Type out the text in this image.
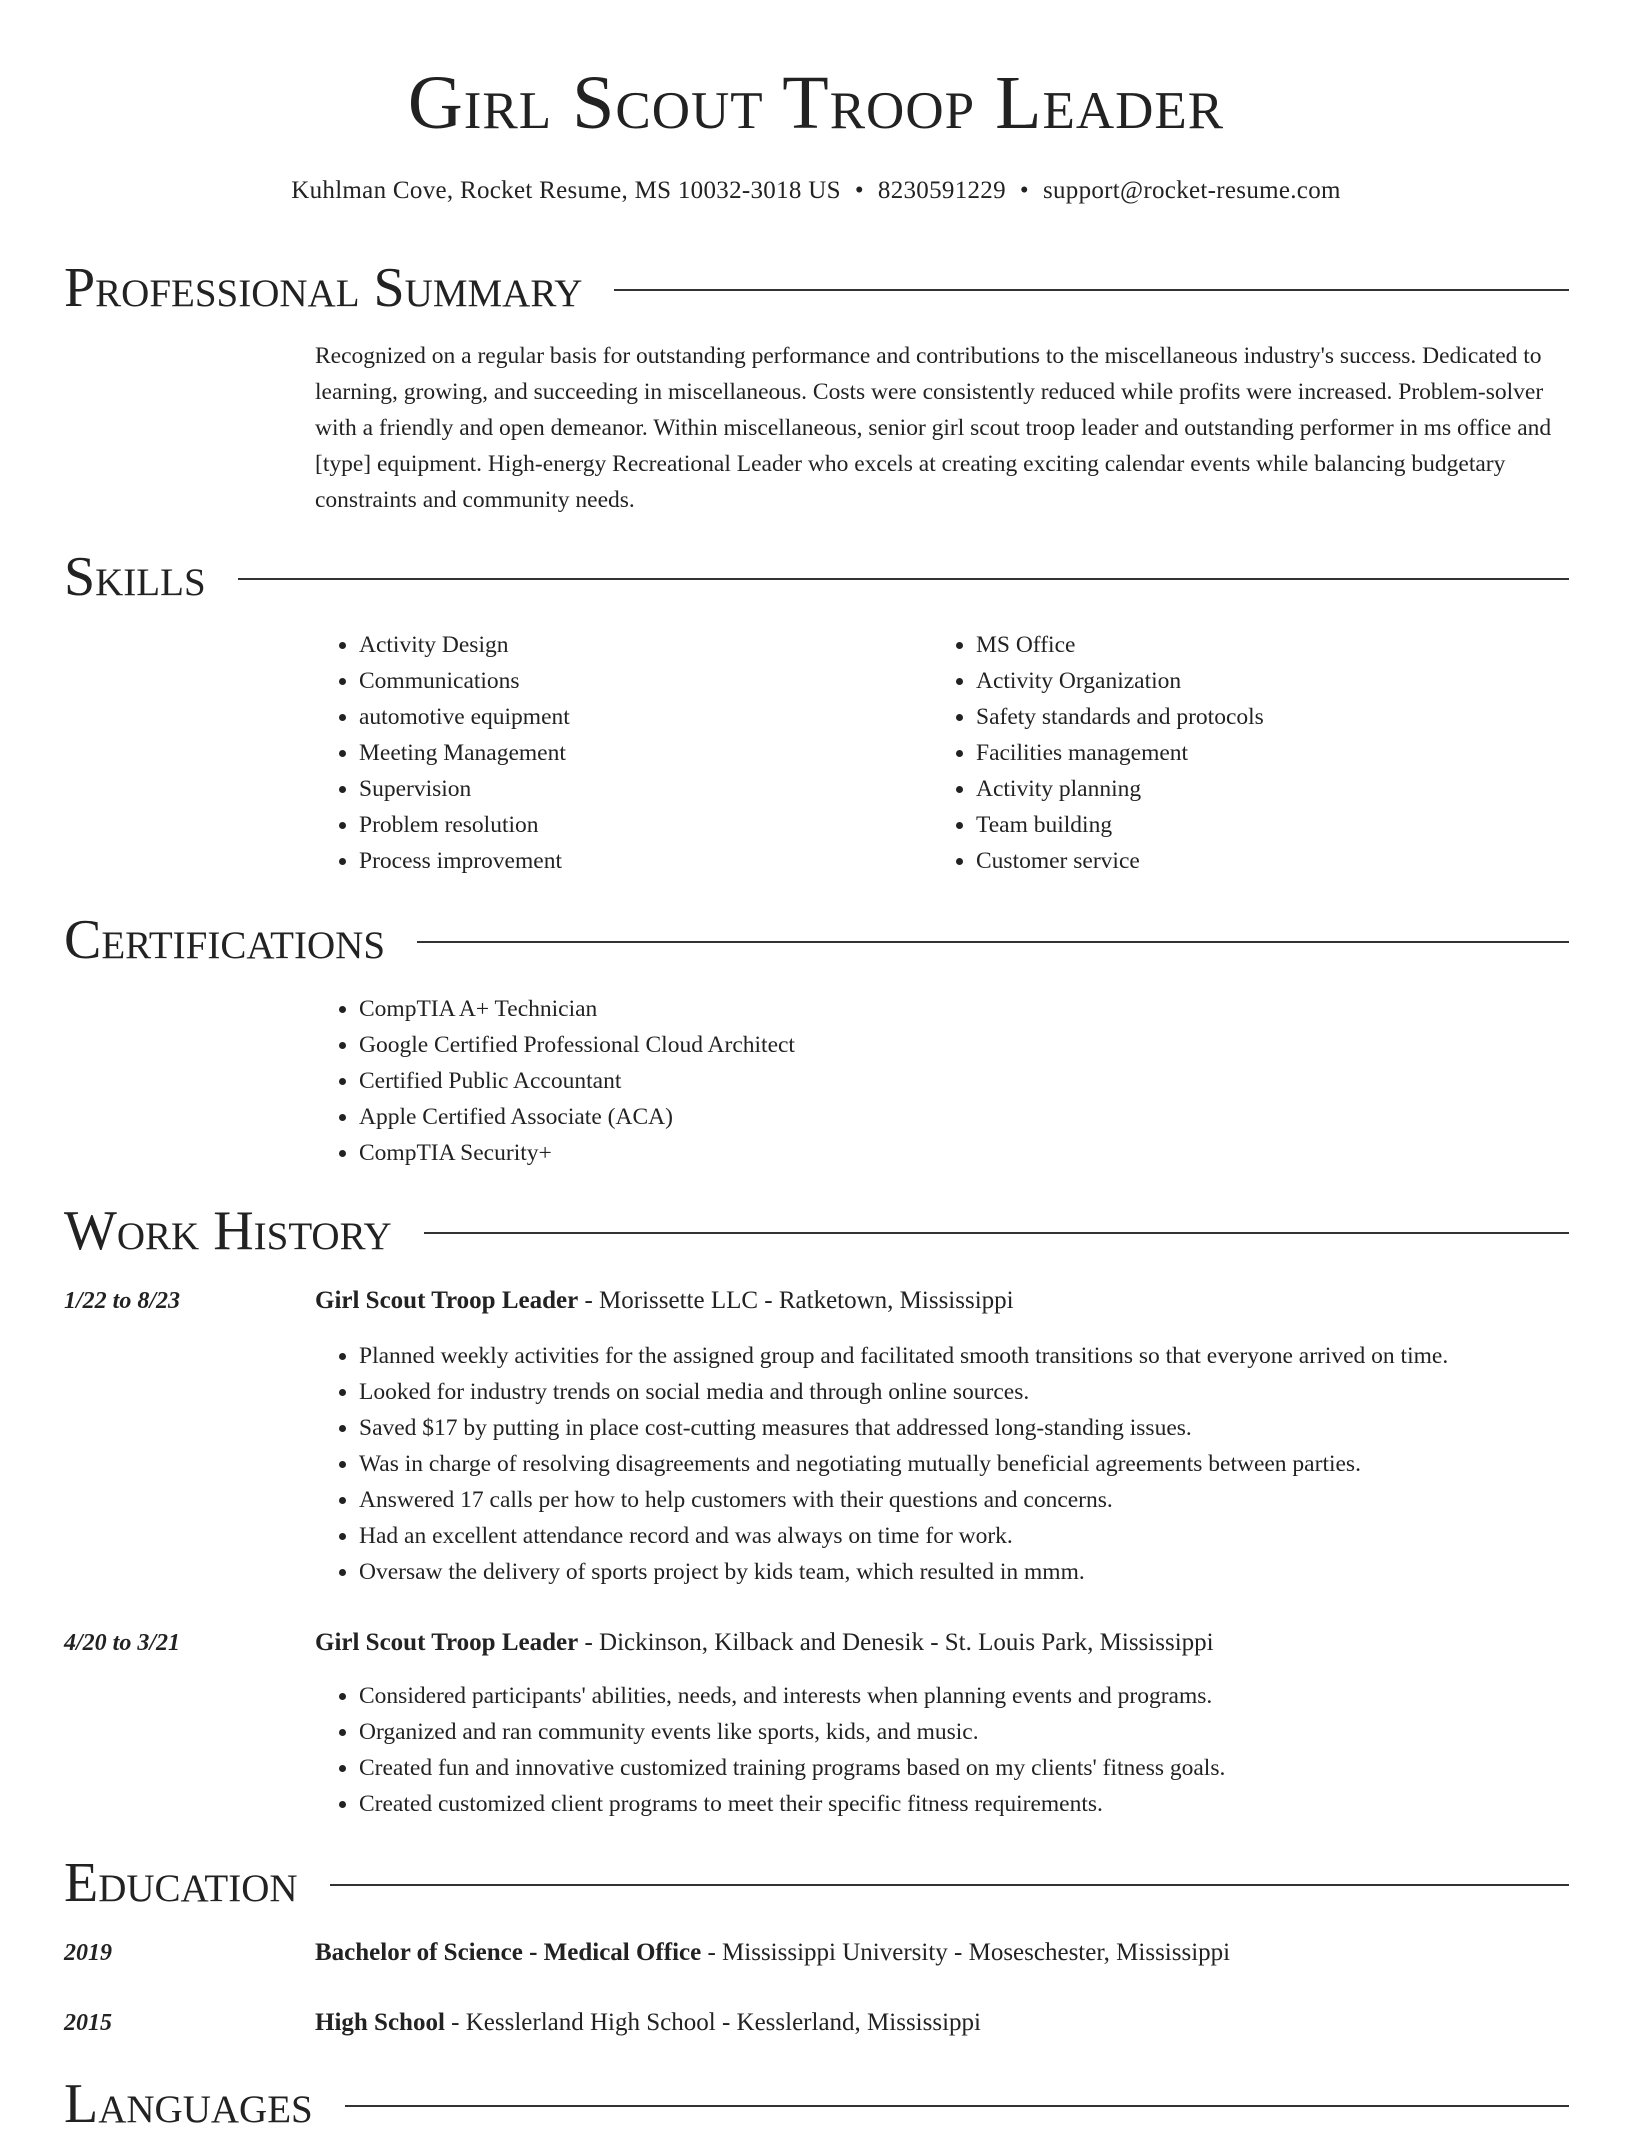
Girl Scout Troop Leader
Kuhlman Cove, Rocket Resume, MS 10032-3018 US • 8230591229 • support@rocket-resume.com
Professional Summary

Recognized on a regular basis for outstanding performance and contributions to the miscellaneous industry's success. Dedicated to learning, growing, and succeeding in miscellaneous. Costs were consistently reduced while profits were increased. Problem-solver with a friendly and open demeanor. Within miscellaneous, senior girl scout troop leader and outstanding performer in ms office and [type] equipment. High-energy Recreational Leader who excels at creating exciting calendar events while balancing budgetary constraints and community needs.

Skills
• Activity Design
• Communications
• automotive equipment
• Meeting Management
• Supervision
• Problem resolution
• Process improvement
• MS Office
• Activity Organization
• Safety standards and protocols
• Facilities management
• Activity planning
• Team building
• Customer service
Certifications
• CompTIA A+ Technician
• Google Certified Professional Cloud Architect
• Certified Public Accountant
• Apple Certified Associate (ACA)
• CompTIA Security+
Work History
1/22 to 8/23	Girl Scout Troop Leader - Morissette LLC - Ratketown, Mississippi
• Planned weekly activities for the assigned group and facilitated smooth transitions so that everyone arrived on time.
• Looked for industry trends on social media and through online sources.
• Saved $17 by putting in place cost-cutting measures that addressed long-standing issues.
• Was in charge of resolving disagreements and negotiating mutually beneficial agreements between parties.
• Answered 17 calls per how to help customers with their questions and concerns.
• Had an excellent attendance record and was always on time for work.
• Oversaw the delivery of sports project by kids team, which resulted in mmm.
4/20 to 3/21	Girl Scout Troop Leader - Dickinson, Kilback and Denesik - St. Louis Park, Mississippi
• Considered participants' abilities, needs, and interests when planning events and programs.
• Organized and ran community events like sports, kids, and music.
• Created fun and innovative customized training programs based on my clients' fitness goals.
• Created customized client programs to meet their specific fitness requirements.
Education
2019	Bachelor of Science - Medical Office - Mississippi University - Moseschester, Mississippi
2015	High School - Kesslerland High School - Kesslerland, Mississippi
Languages
